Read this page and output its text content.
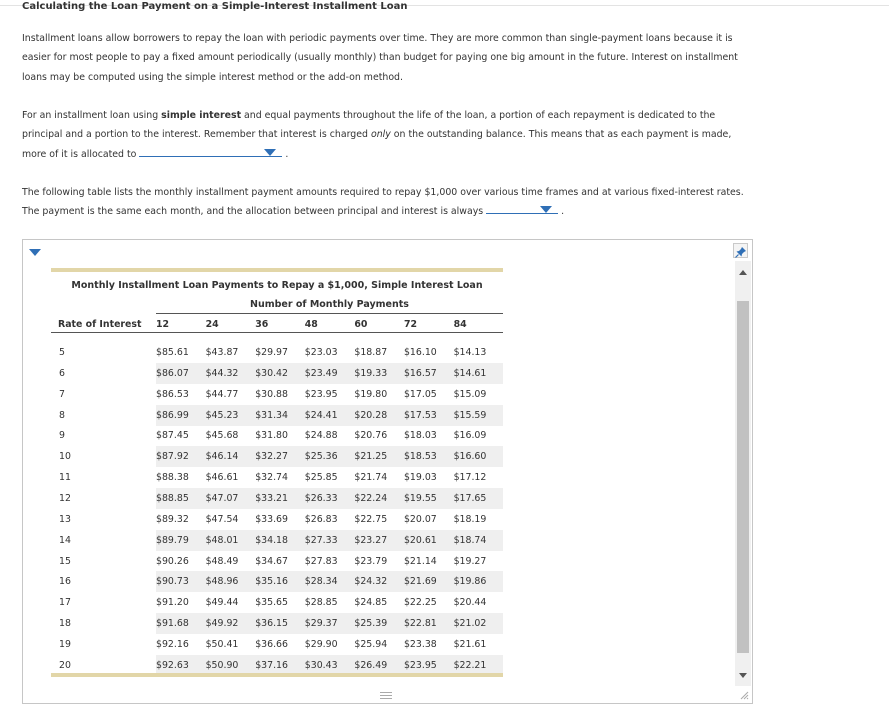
Calculating the Loan Payment on a Simple-Interest Installment Loan
Installment loans allow borrowers to repay the loan with periodic payments over time. They are more common than single-payment loans because it is easier for most people to pay a fixed amount periodically (usually monthly) than budget for paying one big amount in the future. Interest on installment loans may be computed using the simple interest method or the add-on method.
For an installment loan using simple interest and equal payments throughout the life of the loan, a portion of each repayment is dedicated to the principal and a portion to the interest. Remember that interest is charged only on the outstanding balance. This means that as each payment is made, more of it is allocated to	.
The following table lists the monthly installment payment amounts required to repay $1,000 over various time frames and at various fixed-interest rates. The payment is the same each month, and the allocation between principal and interest is always	.
Monthly Installment Loan Payments to Repay a $1,000, Simple Interest Loan
Number of Monthly Payments
Rate of Interest	12	24	36	48	60	72	84
5	$85.61	$43.87	$29.97	$23.03	$18.87	$16.10	$14.13
6	$86.07	$44.32	$30.42	$23.49	$19.33	$16.57	$14.61
7	$86.53	$44.77	$30.88	$23.95	$19.80	$17.05	$15.09
8	$86.99	$45.23	$31.34	$24.41	$20.28	$17.53	$15.59
9	$87.45	$45.68	$31.80	$24.88	$20.76	$18.03	$16.09
10	$87.92	$46.14	$32.27	$25.36	$21.25	$18.53	$16.60
11	$88.38	$46.61	$32.74	$25.85	$21.74	$19.03	$17.12
12	$88.85	$47.07	$33.21	$26.33	$22.24	$19.55	$17.65
13	$89.32	$47.54	$33.69	$26.83	$22.75	$20.07	$18.19
14	$89.79	$48.01	$34.18	$27.33	$23.27	$20.61	$18.74
15	$90.26	$48.49	$34.67	$27.83	$23.79	$21.14	$19.27
16	$90.73	$48.96	$35.16	$28.34	$24.32	$21.69	$19.86
17	$91.20	$49.44	$35.65	$28.85	$24.85	$22.25	$20.44
18	$91.68	$49.92	$36.15	$29.37	$25.39	$22.81	$21.02
19	$92.16	$50.41	$36.66	$29.90	$25.94	$23.38	$21.61
20	$92.63	$50.90	$37.16	$30.43	$26.49	$23.95	$22.21
